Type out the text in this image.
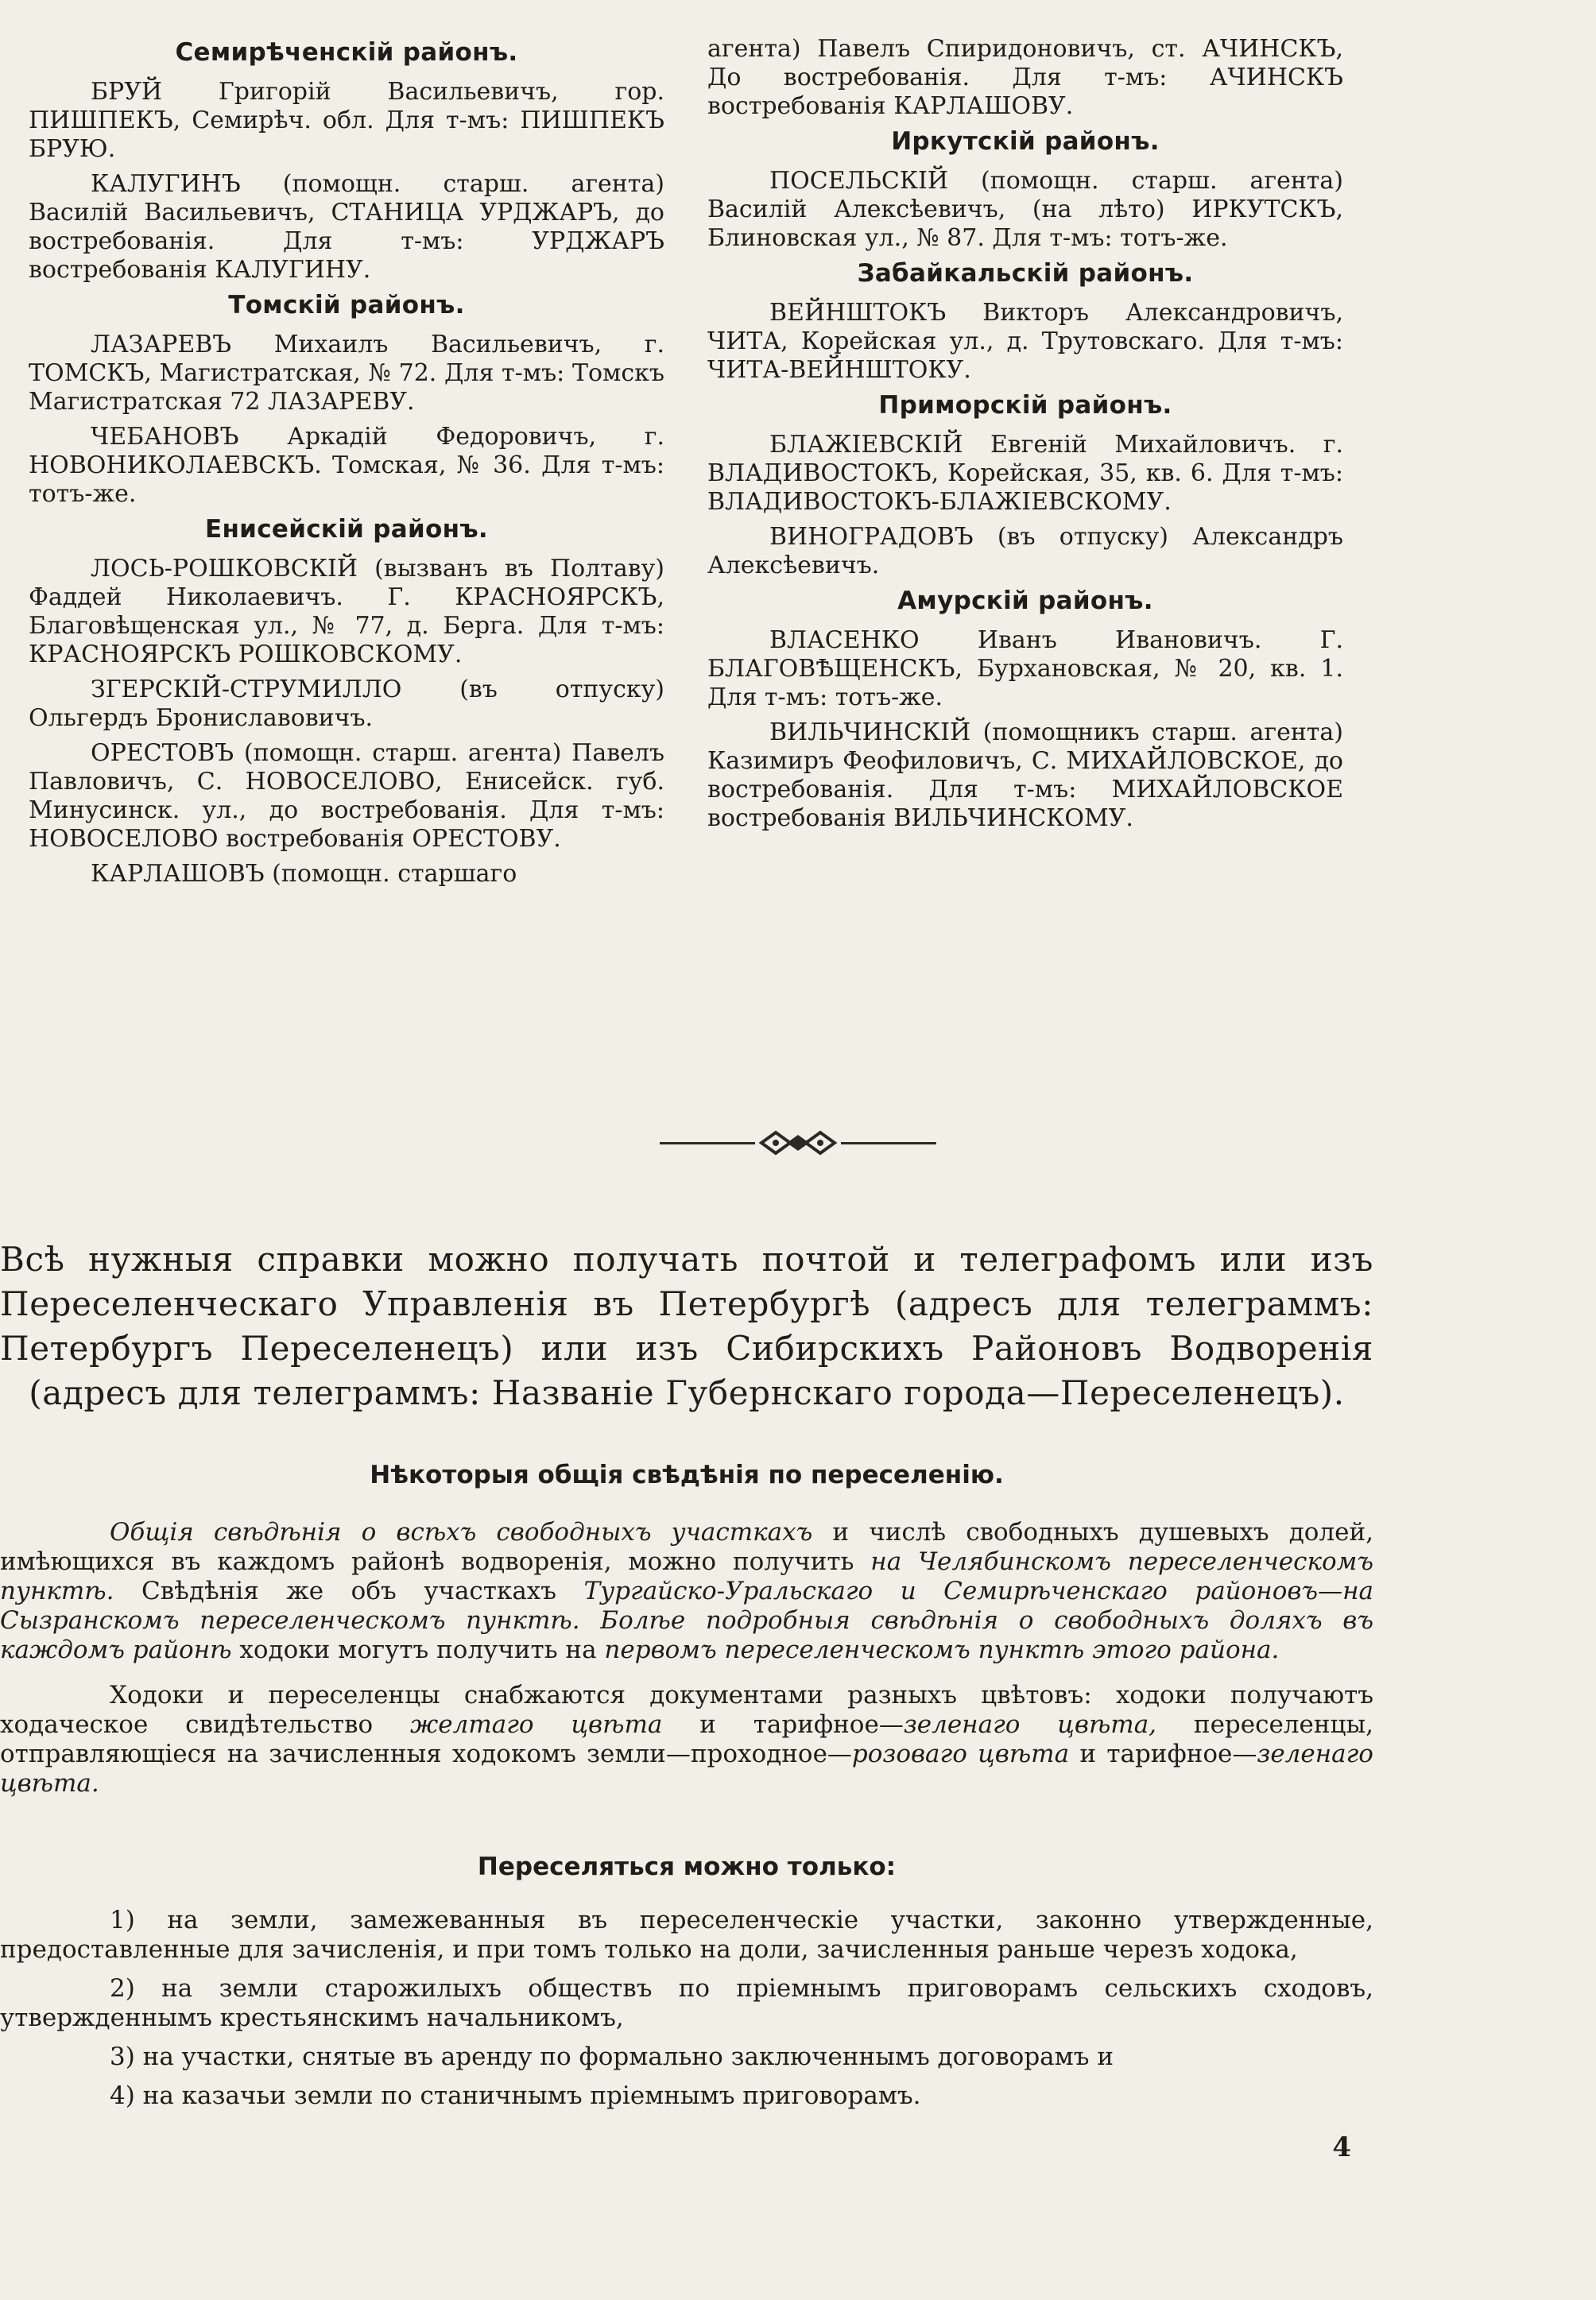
Семирѣченскій районъ.

БРУЙ Григорій Васильевичъ, гор. ПИШПЕКЪ, Семирѣч. обл. Для т-мъ: ПИШПЕКЪ БРУЮ.

КАЛУГИНЪ (помощн. старш. агента) Василій Васильевичъ, СТАНИЦА УРДЖАРЪ, до востребованія. Для т-мъ: УРДЖАРЪ востребованія КАЛУГИНУ.

Томскій районъ.

ЛАЗАРЕВЪ Михаилъ Васильевичъ, г. ТОМСКЪ, Магистратская, № 72. Для т-мъ: Томскъ Магистратская 72 ЛАЗАРЕВУ.

ЧЕБАНОВЪ Аркадій Федоровичъ, г. НОВОНИКОЛАЕВСКЪ. Томская, № 36. Для т-мъ: тотъ-же.

Енисейскій районъ.

ЛОСЬ-РОШКОВСКІЙ (вызванъ въ Полтаву) Фаддей Николаевичъ. Г. КРАСНОЯРСКЪ, Благовѣщенская ул., № 77, д. Берга. Для т-мъ: КРАСНОЯРСКЪ РОШКОВСКОМУ.

ЗГЕРСКІЙ-СТРУМИЛЛО (въ отпуску) Ольгердъ Брониславовичъ.

ОРЕСТОВЪ (помощн. старш. агента) Павелъ Павловичъ, С. НОВОСЕЛОВО, Енисейск. губ. Минусинск. ул., до востребованія. Для т-мъ: НОВОСЕЛОВО востребованія ОРЕСТОВУ.

КАРЛАШОВЪ (помощн. старшаго

агента) Павелъ Спиридоновичъ, ст. АЧИНСКЪ, До востребованія. Для т-мъ: АЧИНСКЪ востребованія КАРЛАШОВУ.

Иркутскій районъ.

ПОСЕЛЬСКІЙ (помощн. старш. агента) Василій Алексѣевичъ, (на лѣто) ИРКУТСКЪ, Блиновская ул., № 87. Для т-мъ: тотъ-же.

Забайкальскій районъ.

ВЕЙНШТОКЪ Викторъ Александровичъ, ЧИТА, Корейская ул., д. Трутовскаго. Для т-мъ: ЧИТА-ВЕЙНШТОКУ.

Приморскій районъ.

БЛАЖІЕВСКІЙ Евгеній Михайловичъ. г. ВЛАДИВОСТОКЪ, Корейская, 35, кв. 6. Для т-мъ: ВЛАДИВОСТОКЪ-БЛАЖІЕВСКОМУ.

ВИНОГРАДОВЪ (въ отпуску) Александръ Алексѣевичъ.

Амурскій районъ.

ВЛАСЕНКО Иванъ Ивановичъ. Г. БЛАГОВѢЩЕНСКЪ, Бурхановская, № 20, кв. 1. Для т-мъ: тотъ-же.

ВИЛЬЧИНСКІЙ (помощникъ старш. агента) Казимиръ Феофиловичъ, С. МИХАЙЛОВСКОЕ, до востребованія. Для т-мъ: МИХАЙЛОВСКОЕ востребованія ВИЛЬЧИНСКОМУ.

Всѣ нужныя справки можно получать почтой и телеграфомъ или изъ Переселенческаго Управленія въ Петербургѣ (адресъ для телеграммъ: Петербургъ Переселенецъ) или изъ Сибирскихъ Районовъ Водворенія (адресъ для телеграммъ: Названіе Губернскаго города—Переселенецъ).

Нѣкоторыя общія свѣдѣнія по переселенію.

Общія свѣдѣнія о всѣхъ свободныхъ участкахъ и числѣ свободныхъ душевыхъ долей, имѣющихся въ каждомъ районѣ водворенія, можно получить на Челябинскомъ переселенческомъ пунктѣ. Свѣдѣнія же объ участкахъ Тургайско-Уральскаго и Семирѣченскаго районовъ—на Сызранскомъ переселенческомъ пунктѣ. Болѣе подробныя свѣдѣнія о свободныхъ доляхъ въ каждомъ районѣ ходоки могутъ получить на первомъ переселенческомъ пунктѣ этого района.

Ходоки и переселенцы снабжаются документами разныхъ цвѣтовъ: ходоки получаютъ ходаческое свидѣтельство желтаго цвѣта и тарифное—зеленаго цвѣта, переселенцы, отправляющіеся на зачисленныя ходокомъ земли—проходное—розоваго цвѣта и тарифное—зеленаго цвѣта.

Переселяться можно только:

1) на земли, замежеванныя въ переселенческіе участки, законно утвержденные, предоставленные для зачисленія, и при томъ только на доли, зачисленныя раньше черезъ ходока,

2) на земли старожилыхъ обществъ по пріемнымъ приговорамъ сельскихъ сходовъ, утвержденнымъ крестьянскимъ начальникомъ,

3) на участки, снятые въ аренду по формально заключеннымъ договорамъ и

4) на казачьи земли по станичнымъ пріемнымъ приговорамъ.

4
